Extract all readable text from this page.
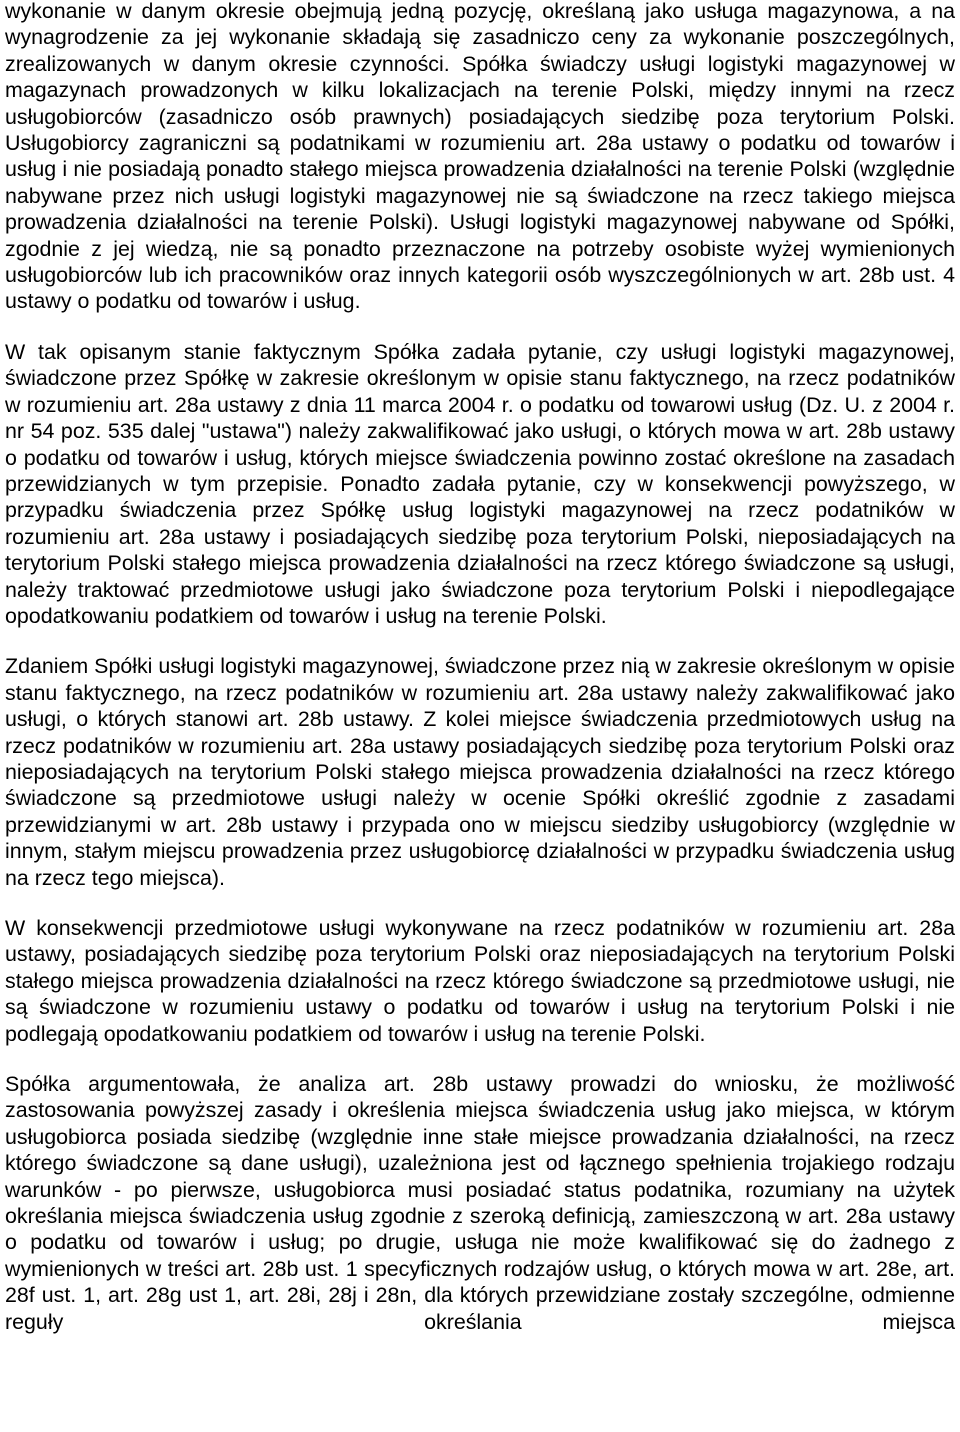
wykonanie w danym okresie obejmują jedną pozycję, określaną jako usługa magazynowa, a na wynagrodzenie za jej wykonanie składają się zasadniczo ceny za wykonanie poszczególnych, zrealizowanych w danym okresie czynności. Spółka świadczy usługi logistyki magazynowej w magazynach prowadzonych w kilku lokalizacjach na terenie Polski, między innymi na rzecz usługobiorców (zasadniczo osób prawnych) posiadających siedzibę poza terytorium Polski. Usługobiorcy zagraniczni są podatnikami w rozumieniu art. 28a ustawy o podatku od towarów i usług i nie posiadają ponadto stałego miejsca prowadzenia działalności na terenie Polski (względnie nabywane przez nich usługi logistyki magazynowej nie są świadczone na rzecz takiego miejsca prowadzenia działalności na terenie Polski). Usługi logistyki magazynowej nabywane od Spółki, zgodnie z jej wiedzą, nie są ponadto przeznaczone na potrzeby osobiste wyżej wymienionych usługobiorców lub ich pracowników oraz innych kategorii osób wyszczególnionych w art. 28b ust. 4 ustawy o podatku od towarów i usług.

W tak opisanym stanie faktycznym Spółka zadała pytanie, czy usługi logistyki magazynowej, świadczone przez Spółkę w zakresie określonym w opisie stanu faktycznego, na rzecz podatników w rozumieniu art. 28a ustawy z dnia 11 marca 2004 r. o podatku od towarowi usług (Dz. U. z 2004 r. nr 54 poz. 535 dalej "ustawa") należy zakwalifikować jako usługi, o których mowa w art. 28b ustawy o podatku od towarów i usług, których miejsce świadczenia powinno zostać określone na zasadach przewidzianych w tym przepisie. Ponadto zadała pytanie, czy w konsekwencji powyższego, w przypadku świadczenia przez Spółkę usług logistyki magazynowej na rzecz podatników w rozumieniu art. 28a ustawy i posiadających siedzibę poza terytorium Polski, nieposiadających na terytorium Polski stałego miejsca prowadzenia działalności na rzecz którego świadczone są usługi, należy traktować przedmiotowe usługi jako świadczone poza terytorium Polski i niepodlegające opodatkowaniu podatkiem od towarów i usług na terenie Polski.

Zdaniem Spółki usługi logistyki magazynowej, świadczone przez nią w zakresie określonym w opisie stanu faktycznego, na rzecz podatników w rozumieniu art. 28a ustawy należy zakwalifikować jako usługi, o których stanowi art. 28b ustawy. Z kolei miejsce świadczenia przedmiotowych usług na rzecz podatników w rozumieniu art. 28a ustawy posiadających siedzibę poza terytorium Polski oraz nieposiadających na terytorium Polski stałego miejsca prowadzenia działalności na rzecz którego świadczone są przedmiotowe usługi należy w ocenie Spółki określić zgodnie z zasadami przewidzianymi w art. 28b ustawy i przypada ono w miejscu siedziby usługobiorcy (względnie w innym, stałym miejscu prowadzenia przez usługobiorcę działalności w przypadku świadczenia usług na rzecz tego miejsca).

W konsekwencji przedmiotowe usługi wykonywane na rzecz podatników w rozumieniu art. 28a ustawy, posiadających siedzibę poza terytorium Polski oraz nieposiadających na terytorium Polski stałego miejsca prowadzenia działalności na rzecz którego świadczone są przedmiotowe usługi, nie są świadczone w rozumieniu ustawy o podatku od towarów i usług na terytorium Polski i nie podlegają opodatkowaniu podatkiem od towarów i usług na terenie Polski.

Spółka argumentowała, że analiza art. 28b ustawy prowadzi do wniosku, że możliwość zastosowania powyższej zasady i określenia miejsca świadczenia usług jako miejsca, w którym usługobiorca posiada siedzibę (względnie inne stałe miejsce prowadzania działalności, na rzecz którego świadczone są dane usługi), uzależniona jest od łącznego spełnienia trojakiego rodzaju warunków - po pierwsze, usługobiorca musi posiadać status podatnika, rozumiany na użytek określania miejsca świadczenia usług zgodnie z szeroką definicją, zamieszczoną w art. 28a ustawy o podatku od towarów i usług; po drugie, usługa nie może kwalifikować się do żadnego z wymienionych w treści art. 28b ust. 1 specyficznych rodzajów usług, o których mowa w art. 28e, art. 28f ust. 1, art. 28g ust 1, art. 28i, 28j i 28n, dla których przewidziane zostały szczególne, odmienne reguły określania miejsca
